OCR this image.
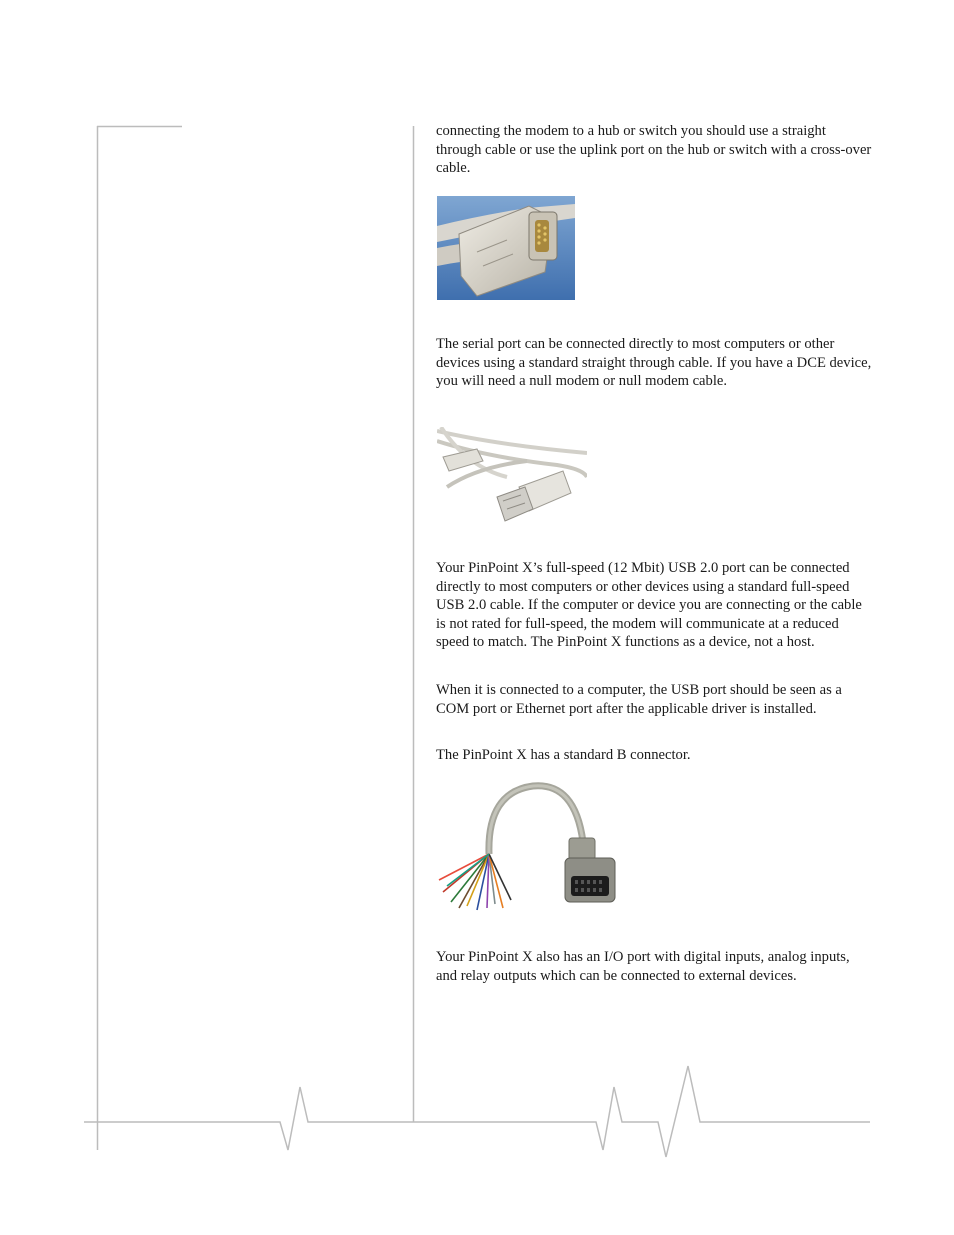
connecting the modem to a hub or switch you should use a straight through cable or use the uplink port on the hub or switch with a cross-over cable.

The serial port can be connected directly to most computers or other devices using a standard straight through cable. If you have a DCE device, you will need a null modem or null modem cable.

Your PinPoint X’s full-speed (12 Mbit) USB 2.0 port can be connected directly to most computers or other devices using a standard full-speed USB 2.0 cable. If the computer or device you are connecting or the cable is not rated for full-speed, the modem will communicate at a reduced speed to match. The PinPoint X functions as a device, not a host.

When it is connected to a computer, the USB port should be seen as a COM port or Ethernet port after the applicable driver is installed.

The PinPoint X has a standard B connector.

Your PinPoint X also has an I/O port with digital inputs, analog inputs, and relay outputs which can be connected to external devices.
